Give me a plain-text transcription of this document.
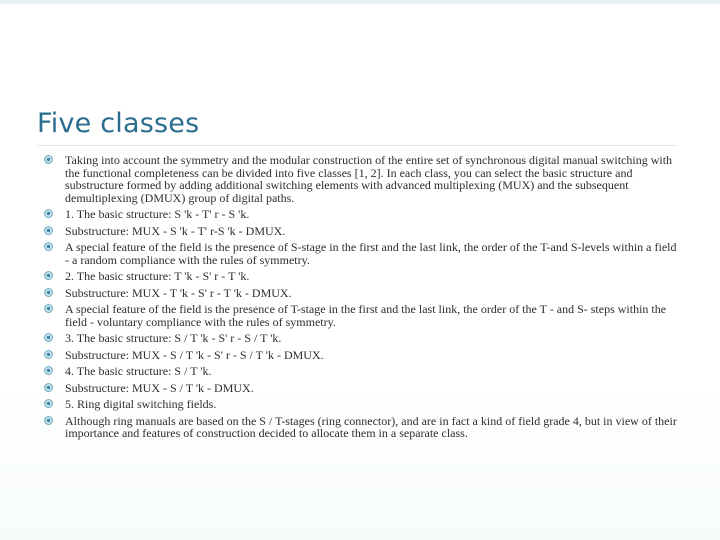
Five classes
Taking into account the symmetry and the modular construction of the entire set of synchronous digital manual switching with the functional completeness can be divided into five classes [1, 2]. In each class, you can select the basic structure and substructure formed by adding additional switching elements with advanced multiplexing (MUX) and the subsequent demultiplexing (DMUX) group of digital paths.
1. The basic structure: S 'k - T' r - S 'k.
Substructure: MUX - S 'k - T' r-S 'k - DMUX.
A special feature of the field is the presence of S-stage in the first and the last link, the order of the T-and S-levels within a field - a random compliance with the rules of symmetry.
2. The basic structure: T 'k - S' r - T 'k.
Substructure: MUX - T 'k - S' r - T 'k - DMUX.
A special feature of the field is the presence of T-stage in the first and the last link, the order of the T - and S- steps within the field - voluntary compliance with the rules of symmetry.
3. The basic structure: S / T 'k - S' r - S / T 'k.
Substructure: MUX - S / T 'k - S' r - S / T 'k - DMUX.
4. The basic structure: S / T 'k.
Substructure: MUX - S / T 'k - DMUX.
5. Ring digital switching fields.
Although ring manuals are based on the S / T-stages (ring connector), and are in fact a kind of field grade 4, but in view of their importance and features of construction decided to allocate them in a separate class.
